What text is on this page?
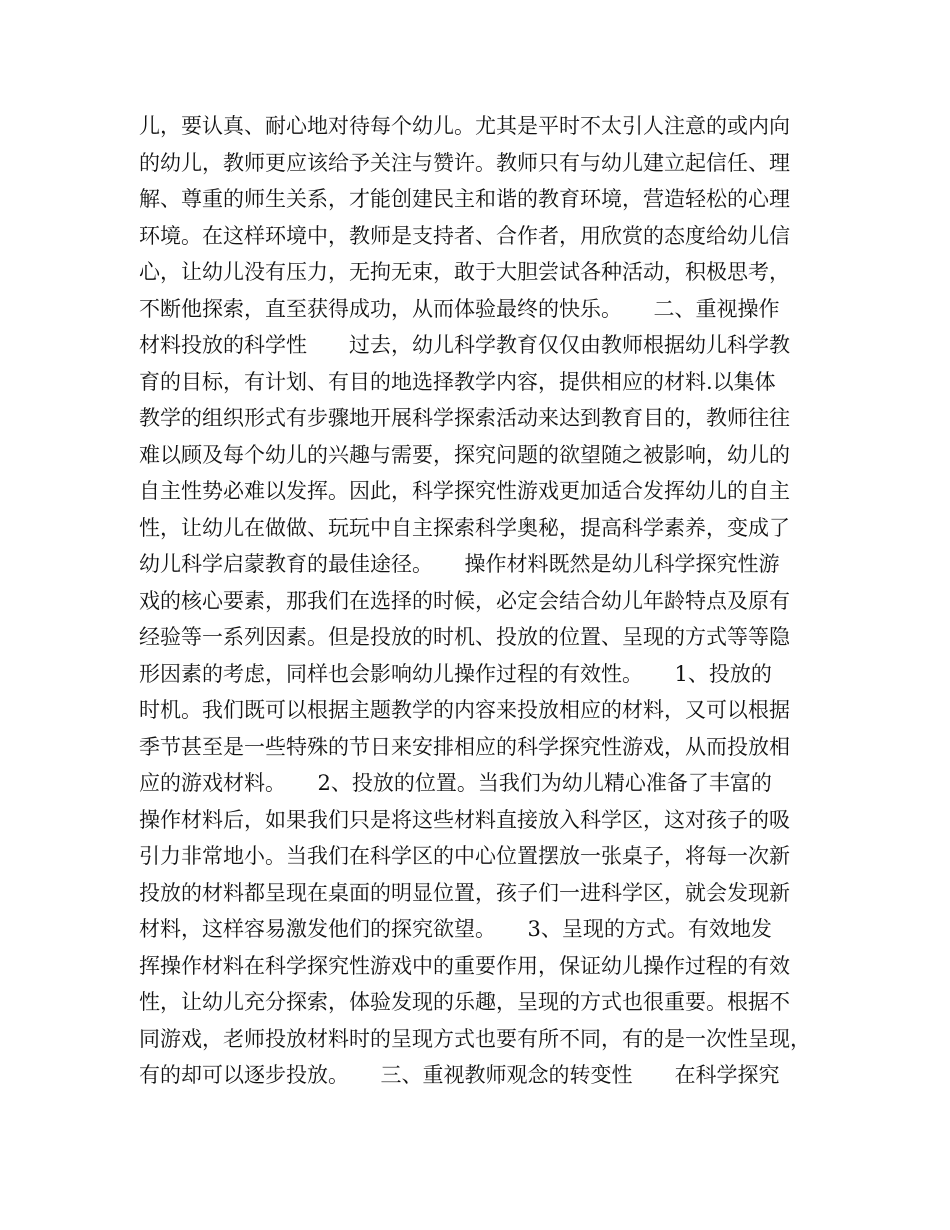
儿，要认真、耐心地对待每个幼儿。尤其是平时不太引人注意的或内向
的幼儿，教师更应该给予关注与赞许。教师只有与幼儿建立起信任、理
解、尊重的师生关系，才能创建民主和谐的教育环境，营造轻松的心理
环境。在这样环境中，教师是支持者、合作者，用欣赏的态度给幼儿信
心，让幼儿没有压力，无拘无束，敢于大胆尝试各种活动，积极思考，
不断他探索，直至获得成功，从而体验最终的快乐。　　二、重视操作
材料投放的科学性　　过去，幼儿科学教育仅仅由教师根据幼儿科学教
育的目标，有计划、有目的地选择教学内容，提供相应的材料.以集体
教学的组织形式有步骤地开展科学探索活动来达到教育目的，教师往往
难以顾及每个幼儿的兴趣与需要，探究问题的欲望随之被影响，幼儿的
自主性势必难以发挥。因此，科学探究性游戏更加适合发挥幼儿的自主
性，让幼儿在做做、玩玩中自主探索科学奥秘，提高科学素养，变成了
幼儿科学启蒙教育的最佳途径。　　操作材料既然是幼儿科学探究性游
戏的核心要素，那我们在选择的时候，必定会结合幼儿年龄特点及原有
经验等一系列因素。但是投放的时机、投放的位置、呈现的方式等等隐
形因素的考虑，同样也会影响幼儿操作过程的有效性。　　1、投放的
时机。我们既可以根据主题教学的内容来投放相应的材料，又可以根据
季节甚至是一些特殊的节日来安排相应的科学探究性游戏，从而投放相
应的游戏材料。　　2、投放的位置。当我们为幼儿精心准备了丰富的
操作材料后，如果我们只是将这些材料直接放入科学区，这对孩子的吸
引力非常地小。当我们在科学区的中心位置摆放一张桌子，将每一次新
投放的材料都呈现在桌面的明显位置，孩子们一进科学区，就会发现新
材料，这样容易激发他们的探究欲望。　　3、呈现的方式。有效地发
挥操作材料在科学探究性游戏中的重要作用，保证幼儿操作过程的有效
性，让幼儿充分探索，体验发现的乐趣，呈现的方式也很重要。根据不
同游戏，老师投放材料时的呈现方式也要有所不同，有的是一次性呈现，
有的却可以逐步投放。　　三、重视教师观念的转变性　　在科学探究
